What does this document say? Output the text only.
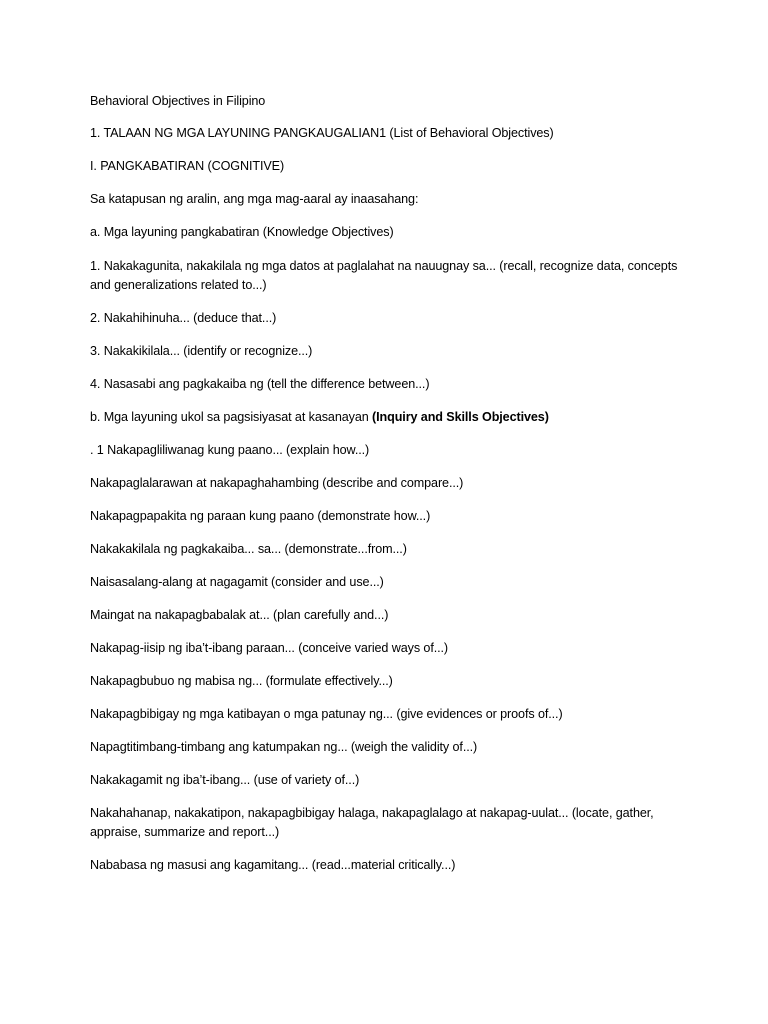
Behavioral Objectives in Filipino
1. TALAAN NG MGA LAYUNING PANGKAUGALIAN1 (List of Behavioral Objectives)
I. PANGKABATIRAN (COGNITIVE)
Sa katapusan ng aralin, ang mga mag-aaral ay inaasahang:
a. Mga layuning pangkabatiran (Knowledge Objectives)
1. Nakakagunita, nakakilala ng mga datos at paglalahat na nauugnay sa... (recall, recognize data, concepts and generalizations related to...)
2. Nakahihinuha... (deduce that...)
3. Nakakikilala... (identify or recognize...)
4. Nasasabi ang pagkakaiba ng (tell the difference between...)
b. Mga layuning ukol sa pagsisiyasat at kasanayan (Inquiry and Skills Objectives)
. 1 Nakapagliliwanag kung paano... (explain how...)
Nakapaglalarawan at nakapaghahambing (describe and compare...)
Nakapagpapakita ng paraan kung paano (demonstrate how...)
Nakakakilala ng pagkakaiba... sa... (demonstrate...from...)
Naisasalang-alang at nagagamit (consider and use...)
Maingat na nakapagbabalak at... (plan carefully and...)
Nakapag-iisip ng iba’t-ibang paraan... (conceive varied ways of...)
Nakapagbubuo ng mabisa ng... (formulate effectively...)
Nakapagbibigay ng mga katibayan o mga patunay ng... (give evidences or proofs of...)
Napagtitimbang-timbang ang katumpakan ng... (weigh the validity of...)
Nakakagamit ng iba’t-ibang... (use of variety of...)
Nakahahanap, nakakatipon, nakapagbibigay halaga, nakapaglalago at nakapag-uulat... (locate, gather, appraise, summarize and report...)
Nababasa ng masusi ang kagamitang... (read...material critically...)
